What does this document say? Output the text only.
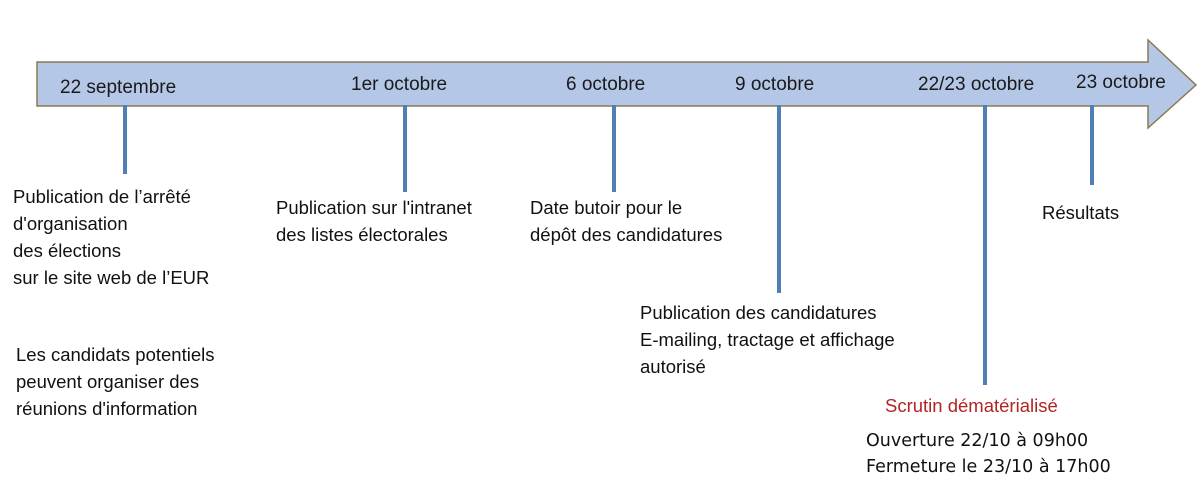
22 septembre	1er octobre	6 octobre	9 octobre	22/23 octobre 23 octobre
Publication de l’arrêté
d'organisation
des élections
sur le site web de l’EUR
Les candidats potentiels
peuvent organiser des
réunions d'information
Publication sur l'intranet
des listes électorales
Date butoir pour le
dépôt des candidatures
Publication des candidatures
E-mailing, tractage et affichage
autorisé
Scrutin dématérialisé
Ouverture 22/10 à 09h00
Fermeture le 23/10 à 17h00
Résultats
